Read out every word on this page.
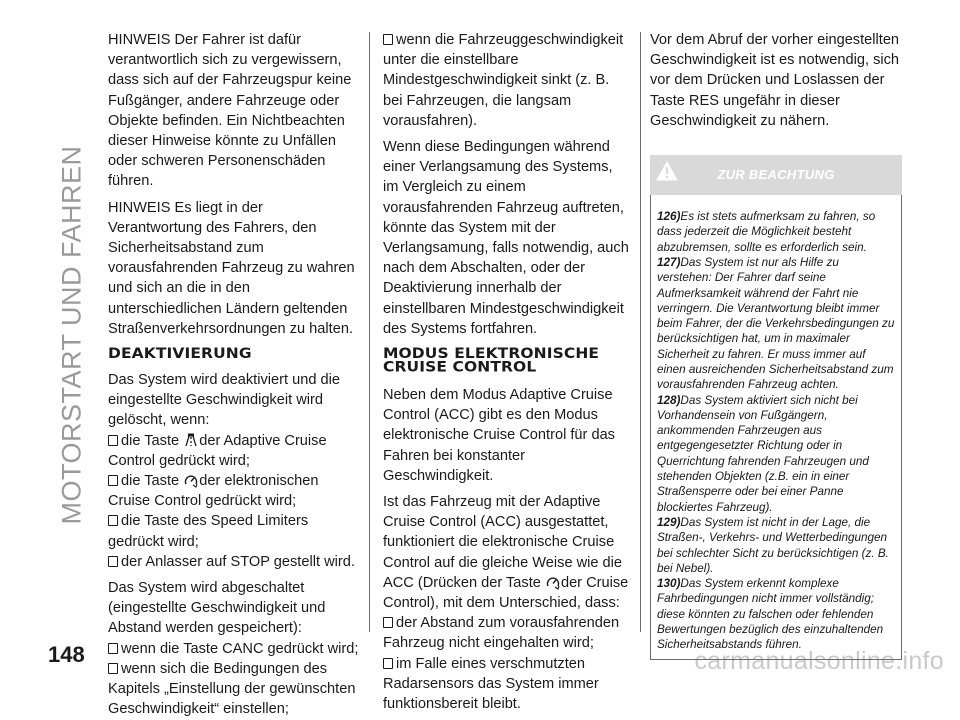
MOTORSTART UND FAHREN
148	carmanualsonline.info

HINWEIS Der Fahrer ist dafür verantwortlich sich zu vergewissern, dass sich auf der Fahrzeugspur keine Fußgänger, andere Fahrzeuge oder Objekte befinden. Ein Nichtbeachten dieser Hinweise könnte zu Unfällen oder schweren Personenschäden führen.

HINWEIS Es liegt in der Verantwortung des Fahrers, den Sicherheitsabstand zum vorausfahrenden Fahrzeug zu wahren und sich an die in den unterschiedlichen Ländern geltenden Straßenverkehrsordnungen zu halten.

DEAKTIVIERUNG

Das System wird deaktiviert und die eingestellte Geschwindigkeit wird gelöscht, wenn:

die Taste der Adaptive Cruise Control gedrückt wird;
die Taste der elektronischen Cruise Control gedrückt wird;
die Taste des Speed Limiters gedrückt wird;
der Anlasser auf STOP gestellt wird.

Das System wird abgeschaltet (eingestellte Geschwindigkeit und Abstand werden gespeichert):

wenn die Taste CANC gedrückt wird;
wenn sich die Bedingungen des Kapitels „Einstellung der gewünschten Geschwindigkeit“ einstellen;
wenn die Fahrzeuggeschwindigkeit unter die einstellbare Mindestgeschwindigkeit sinkt (z. B. bei Fahrzeugen, die langsam vorausfahren).

Wenn diese Bedingungen während einer Verlangsamung des Systems, im Vergleich zu einem vorausfahrenden Fahrzeug auftreten, könnte das System mit der Verlangsamung, falls notwendig, auch nach dem Abschalten, oder der Deaktivierung innerhalb der einstellbaren Mindestgeschwindigkeit des Systems fortfahren.

MODUS ELEKTRONISCHE
CRUISE CONTROL

Neben dem Modus Adaptive Cruise Control (ACC) gibt es den Modus elektronische Cruise Control für das Fahren bei konstanter Geschwindigkeit.

Ist das Fahrzeug mit der Adaptive Cruise Control (ACC) ausgestattet, funktioniert die elektronische Cruise Control auf die gleiche Weise wie die ACC (Drücken der Taste der Cruise Control), mit dem Unterschied, dass:

der Abstand zum vorausfahrenden Fahrzeug nicht eingehalten wird;
im Falle eines verschmutzten Radarsensors das System immer funktionsbereit bleibt.

Vor dem Abruf der vorher eingestellten Geschwindigkeit ist es notwendig, sich vor dem Drücken und Loslassen der Taste RES ungefähr in dieser Geschwindigkeit zu nähern.

ZUR BEACHTUNG
126)Es ist stets aufmerksam zu fahren, so dass jederzeit die Möglichkeit besteht abzubremsen, sollte es erforderlich sein.
127)Das System ist nur als Hilfe zu verstehen: Der Fahrer darf seine Aufmerksamkeit während der Fahrt nie verringern. Die Verantwortung bleibt immer beim Fahrer, der die Verkehrsbedingungen zu berücksichtigen hat, um in maximaler Sicherheit zu fahren. Er muss immer auf einen ausreichenden Sicherheitsabstand zum vorausfahrenden Fahrzeug achten.
128)Das System aktiviert sich nicht bei Vorhandensein von Fußgängern, ankommenden Fahrzeugen aus entgegengesetzter Richtung oder in Querrichtung fahrenden Fahrzeugen und stehenden Objekten (z.B. ein in einer Straßensperre oder bei einer Panne blockiertes Fahrzeug).
129)Das System ist nicht in der Lage, die Straßen-, Verkehrs- und Wetterbedingungen bei schlechter Sicht zu berücksichtigen (z. B. bei Nebel).
130)Das System erkennt komplexe Fahrbedingungen nicht immer vollständig; diese könnten zu falschen oder fehlenden Bewertungen bezüglich des einzuhaltenden Sicherheitsabstands führen.
